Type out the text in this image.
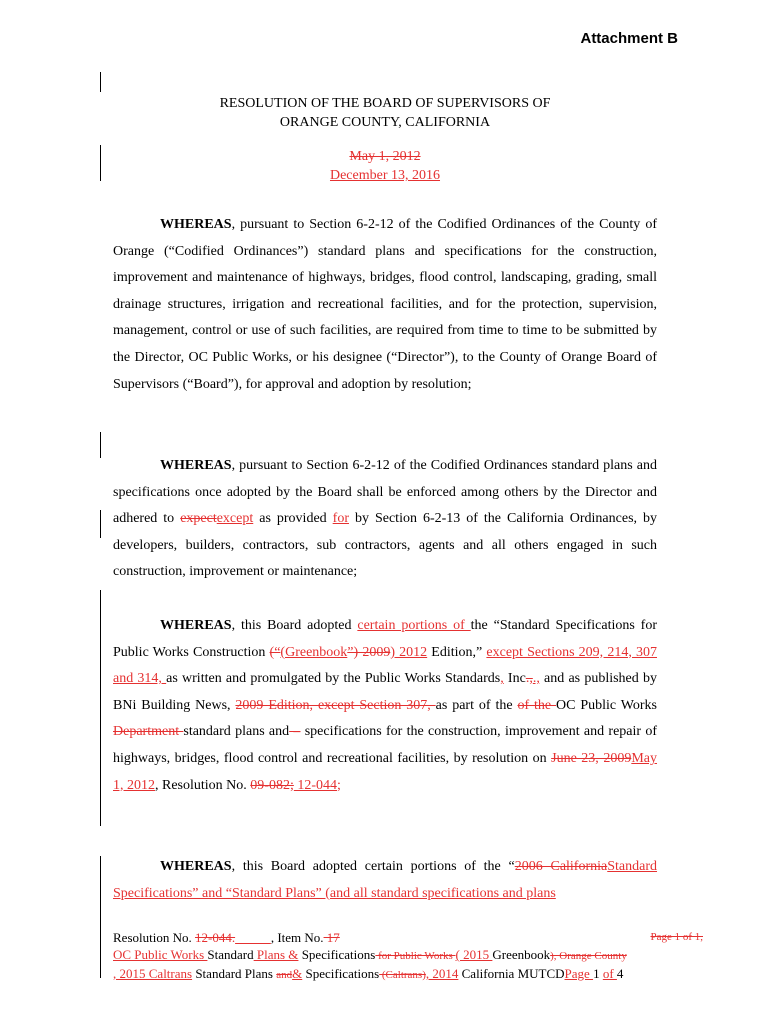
Attachment B
RESOLUTION OF THE BOARD OF SUPERVISORS OF
ORANGE COUNTY, CALIFORNIA
May 1, 2012
December 13, 2016
WHEREAS, pursuant to Section 6-2-12 of the Codified Ordinances of the County of Orange (“Codified Ordinances”) standard plans and specifications for the construction, improvement and maintenance of highways, bridges, flood control, landscaping, grading, small drainage structures, irrigation and recreational facilities, and for the protection, supervision, management, control or use of such facilities, are required from time to time to be submitted by the Director, OC Public Works, or his designee (“Director”), to the County of Orange Board of Supervisors (“Board”), for approval and adoption by resolution;
WHEREAS, pursuant to Section 6-2-12 of the Codified Ordinances standard plans and specifications once adopted by the Board shall be enforced among others by the Director and adhered to expectexcept as provided for by Section 6-2-13 of the California Ordinances, by developers, builders, contractors, sub contractors, agents and all others engaged in such construction, improvement or maintenance;
WHEREAS, this Board adopted certain portions of the “Standard Specifications for Public Works Construction (“(Greenbook”) 2009) 2012 Edition,” except Sections 209, 214, 307 and 314, as written and promulgated by the Public Works Standards, Inc.,., and as published by BNi Building News, 2009 Edition, except Section 307, as part of the of the OC Public Works Department standard plans and – specifications for the construction, improvement and repair of highways, bridges, flood control and recreational facilities, by resolution on June 23, 2009May 1, 2012, Resolution No. 09-082; 12-044;
WHEREAS, this Board adopted certain portions of the “2006 CaliforniaStandard Specifications” and “Standard Plans” (and all standard specifications and plans
Resolution No. 12-044.	, Item No. 17	Page 1 of 1,
OC Public Works Standard Plans & Specifications for Public Works ( 2015 Greenbook), Orange County
, 2015 Caltrans Standard Plans and& Specifications (Caltrans), 2014 California MUTCDPage 1 of 4
